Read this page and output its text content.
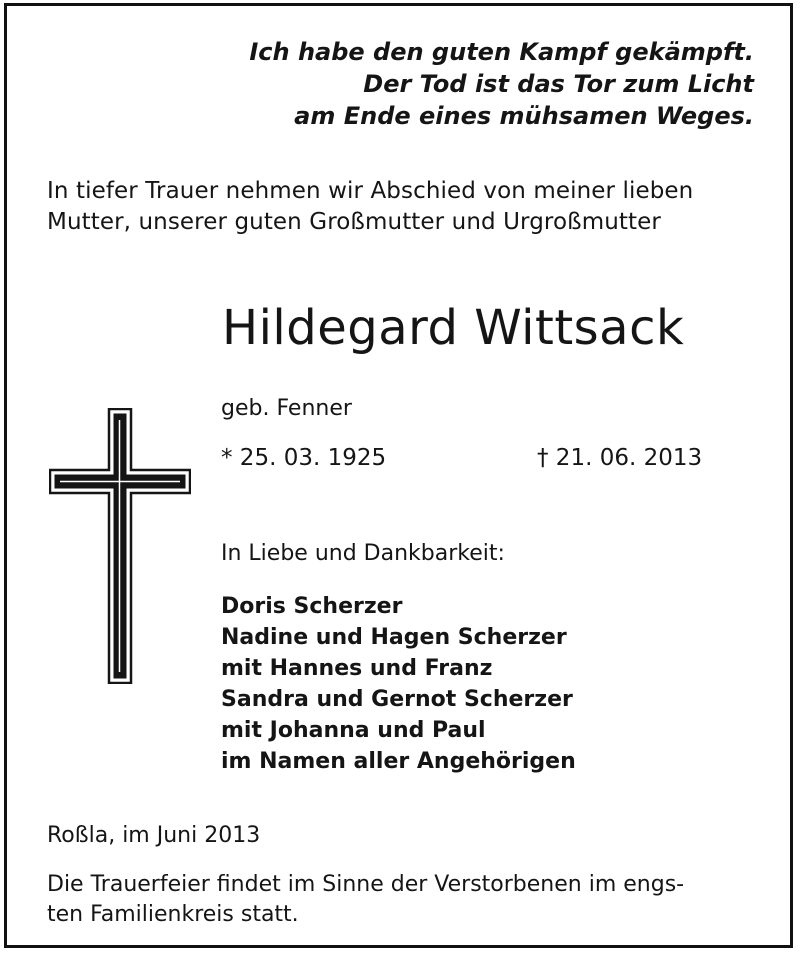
Ich habe den guten Kampf gekämpft.
Der Tod ist das Tor zum Licht
am Ende eines mühsamen Weges.
In tiefer Trauer nehmen wir Abschied von meiner lieben
Mutter, unserer guten Großmutter und Urgroßmutter
Hildegard Wittsack
geb. Fenner
* 25. 03. 1925	† 21. 06. 2013
In Liebe und Dankbarkeit:
Doris Scherzer
Nadine und Hagen Scherzer
mit Hannes und Franz
Sandra und Gernot Scherzer
mit Johanna und Paul
im Namen aller Angehörigen
Roßla, im Juni 2013
Die Trauerfeier findet im Sinne der Verstorbenen im engs-
ten Familienkreis statt.
